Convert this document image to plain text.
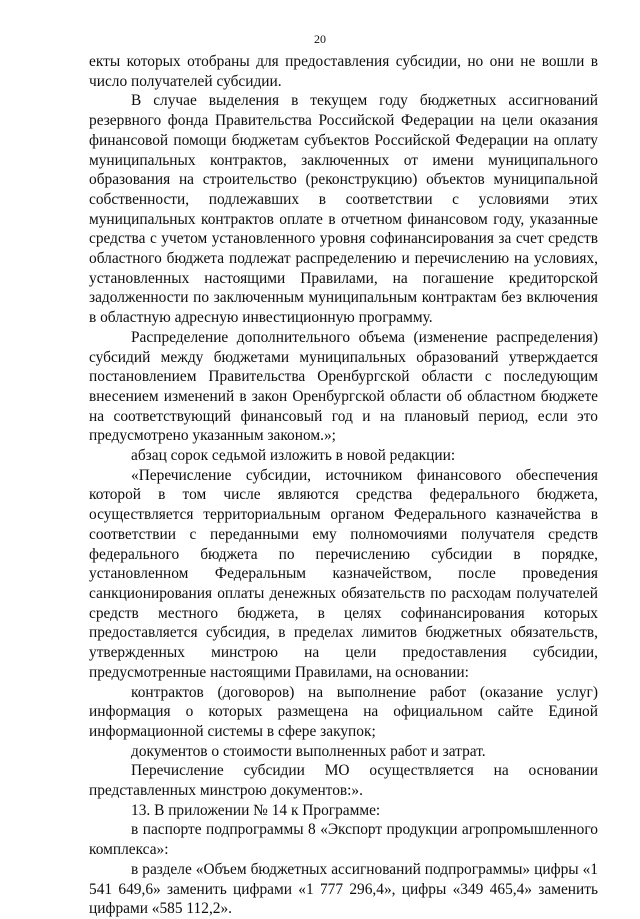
20

екты которых отобраны для предоставления субсидии, но они не вошли в число получателей субсидии.

В случае выделения в текущем году бюджетных ассигнований резервного фонда Правительства Российской Федерации на цели оказания финансовой помощи бюджетам субъектов Российской Федерации на оплату муниципальных контрактов, заключенных от имени муниципального образования на строительство (реконструкцию) объектов муниципальной собственности, подлежавших в соответствии с условиями этих муниципальных контрактов оплате в отчетном финансовом году, указанные средства с учетом установленного уровня софинансирования за счет средств областного бюджета подлежат распределению и перечислению на условиях, установленных настоящими Правилами, на погашение кредиторской задолженности по заключенным муниципальным контрактам без включения в областную адресную инвестиционную программу.

Распределение дополнительного объема (изменение распределения) субсидий между бюджетами муниципальных образований утверждается постановлением Правительства Оренбургской области с последующим внесением изменений в закон Оренбургской области об областном бюджете на соответствующий финансовый год и на плановый период, если это предусмотрено указанным законом.»;

абзац сорок седьмой изложить в новой редакции:

«Перечисление субсидии, источником финансового обеспечения которой в том числе являются средства федерального бюджета, осуществляется территориальным органом Федерального казначейства в соответствии с переданными ему полномочиями получателя средств федерального бюджета по перечислению субсидии в порядке, установленном Федеральным казначейством, после проведения санкционирования оплаты денежных обязательств по расходам получателей средств местного бюджета, в целях софинансирования которых предоставляется субсидия, в пределах лимитов бюджетных обязательств, утвержденных минстрою на цели предоставления субсидии, предусмотренные настоящими Правилами, на основании:

контрактов (договоров) на выполнение работ (оказание услуг) информация о которых размещена на официальном сайте Единой информационной системы в сфере закупок;

документов о стоимости выполненных работ и затрат.

Перечисление субсидии МО осуществляется на основании представленных минстрою документов:».

13. В приложении № 14 к Программе:

в паспорте подпрограммы 8 «Экспорт продукции агропромышленного комплекса»:

в разделе «Объем бюджетных ассигнований подпрограммы» цифры «1 541 649,6» заменить цифрами «1 777 296,4», цифры «349 465,4» заменить цифрами «585 112,2».
